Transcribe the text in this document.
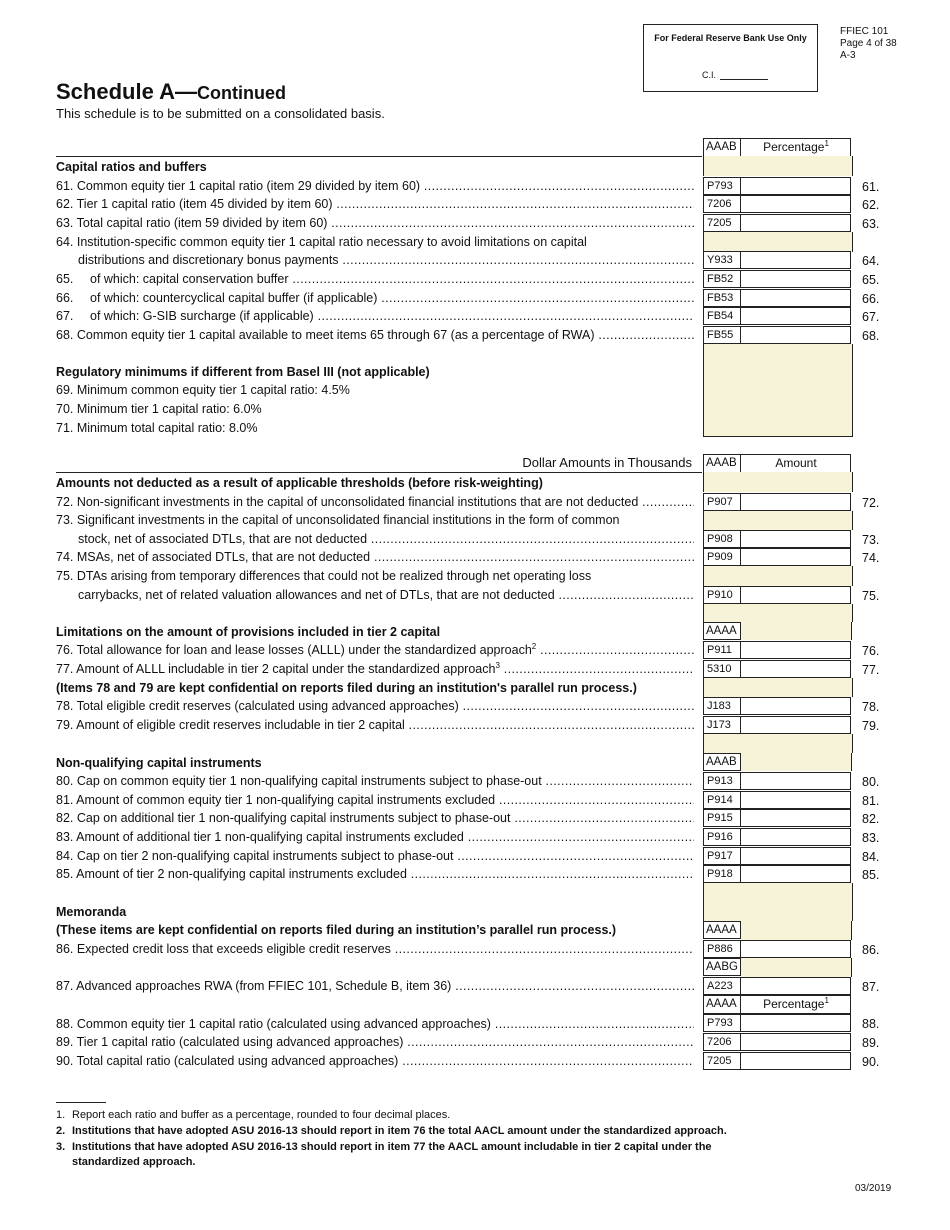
For Federal Reserve Bank Use Only
C.I.
FFIEC 101
Page 4 of 38
A-3
Schedule A—Continued
This schedule is to be submitted on a consolidated basis.
AAAB	Percentage$^1$
Capital ratios and buffers
61. Common equity tier 1 capital ratio (item 29 divided by item 60) .....	P793	61.
62. Tier 1 capital ratio (item 45 divided by item 60) .....	7206	62.
63. Total capital ratio (item 59 divided by item 60) .....	7205	63.
64. Institution-specific common equity tier 1 capital ratio necessary to avoid limitations on capital
distributions and discretionary bonus payments .....	Y933	64.
65. of which: capital conservation buffer .....	FB52	65.
66. of which: countercyclical capital buffer (if applicable) .....	FB53	66.
67. of which: G-SIB surcharge (if applicable) .....	FB54	67.
68. Common equity tier 1 capital available to meet items 65 through 67 (as a percentage of RWA) .....	FB55	68.
Regulatory minimums if different from Basel III (not applicable)
69. Minimum common equity tier 1 capital ratio: 4.5%
70. Minimum tier 1 capital ratio: 6.0%
71. Minimum total capital ratio: 8.0%
Dollar Amounts in Thousands AAAB	Amount
Amounts not deducted as a result of applicable thresholds (before risk-weighting)
72. Non-significant investments in the capital of unconsolidated financial institutions that are not deducted .....	P907	72.
73. Significant investments in the capital of unconsolidated financial institutions in the form of common
stock, net of associated DTLs, that are not deducted .....	P908	73.
74. MSAs, net of associated DTLs, that are not deducted .....	P909	74.
75. DTAs arising from temporary differences that could not be realized through net operating loss
carrybacks, net of related valuation allowances and net of DTLs, that are not deducted .....	P910	75.
AAAA
Limitations on the amount of provisions included in tier 2 capital
76. Total allowance for loan and lease losses (ALLL) under the standardized approach$^2$ .....	P911	76.
77. Amount of ALLL includable in tier 2 capital under the standardized approach$^3$ .....	5310	77.
(Items 78 and 79 are kept confidential on reports filed during an institution's parallel run process.)
78. Total eligible credit reserves (calculated using advanced approaches) .....	J183	78.
79. Amount of eligible credit reserves includable in tier 2 capital .....	J173	79.
AAAB
Non-qualifying capital instruments
80. Cap on common equity tier 1 non-qualifying capital instruments subject to phase-out .....	P913	80.
81. Amount of common equity tier 1 non-qualifying capital instruments excluded .....	P914	81.
82. Cap on additional tier 1 non-qualifying capital instruments subject to phase-out .....	P915	82.
83. Amount of additional tier 1 non-qualifying capital instruments excluded .....	P916	83.
84. Cap on tier 2 non-qualifying capital instruments subject to phase-out .....	P917	84.
85. Amount of tier 2 non-qualifying capital instruments excluded .....	P918	85.
Memoranda
(These items are kept confidential on reports filed during an institution’s parallel run process.)	AAAA
86. Expected credit loss that exceeds eligible credit reserves .....	P886	86.
AABG
87. Advanced approaches RWA (from FFIEC 101, Schedule B, item 36) .....	A223	87.
AAAA	Percentage$^1$
88. Common equity tier 1 capital ratio (calculated using advanced approaches) .....	P793	88.
89. Tier 1 capital ratio (calculated using advanced approaches) .....	7206	89.
90. Total capital ratio (calculated using advanced approaches) .....	7205	90.
1. Report each ratio and buffer as a percentage, rounded to four decimal places.
2. Institutions that have adopted ASU 2016-13 should report in item 76 the total AACL amount under the standardized approach.
3. Institutions that have adopted ASU 2016-13 should report in item 77 the AACL amount includable in tier 2 capital under the
standardized approach.
03/2019
